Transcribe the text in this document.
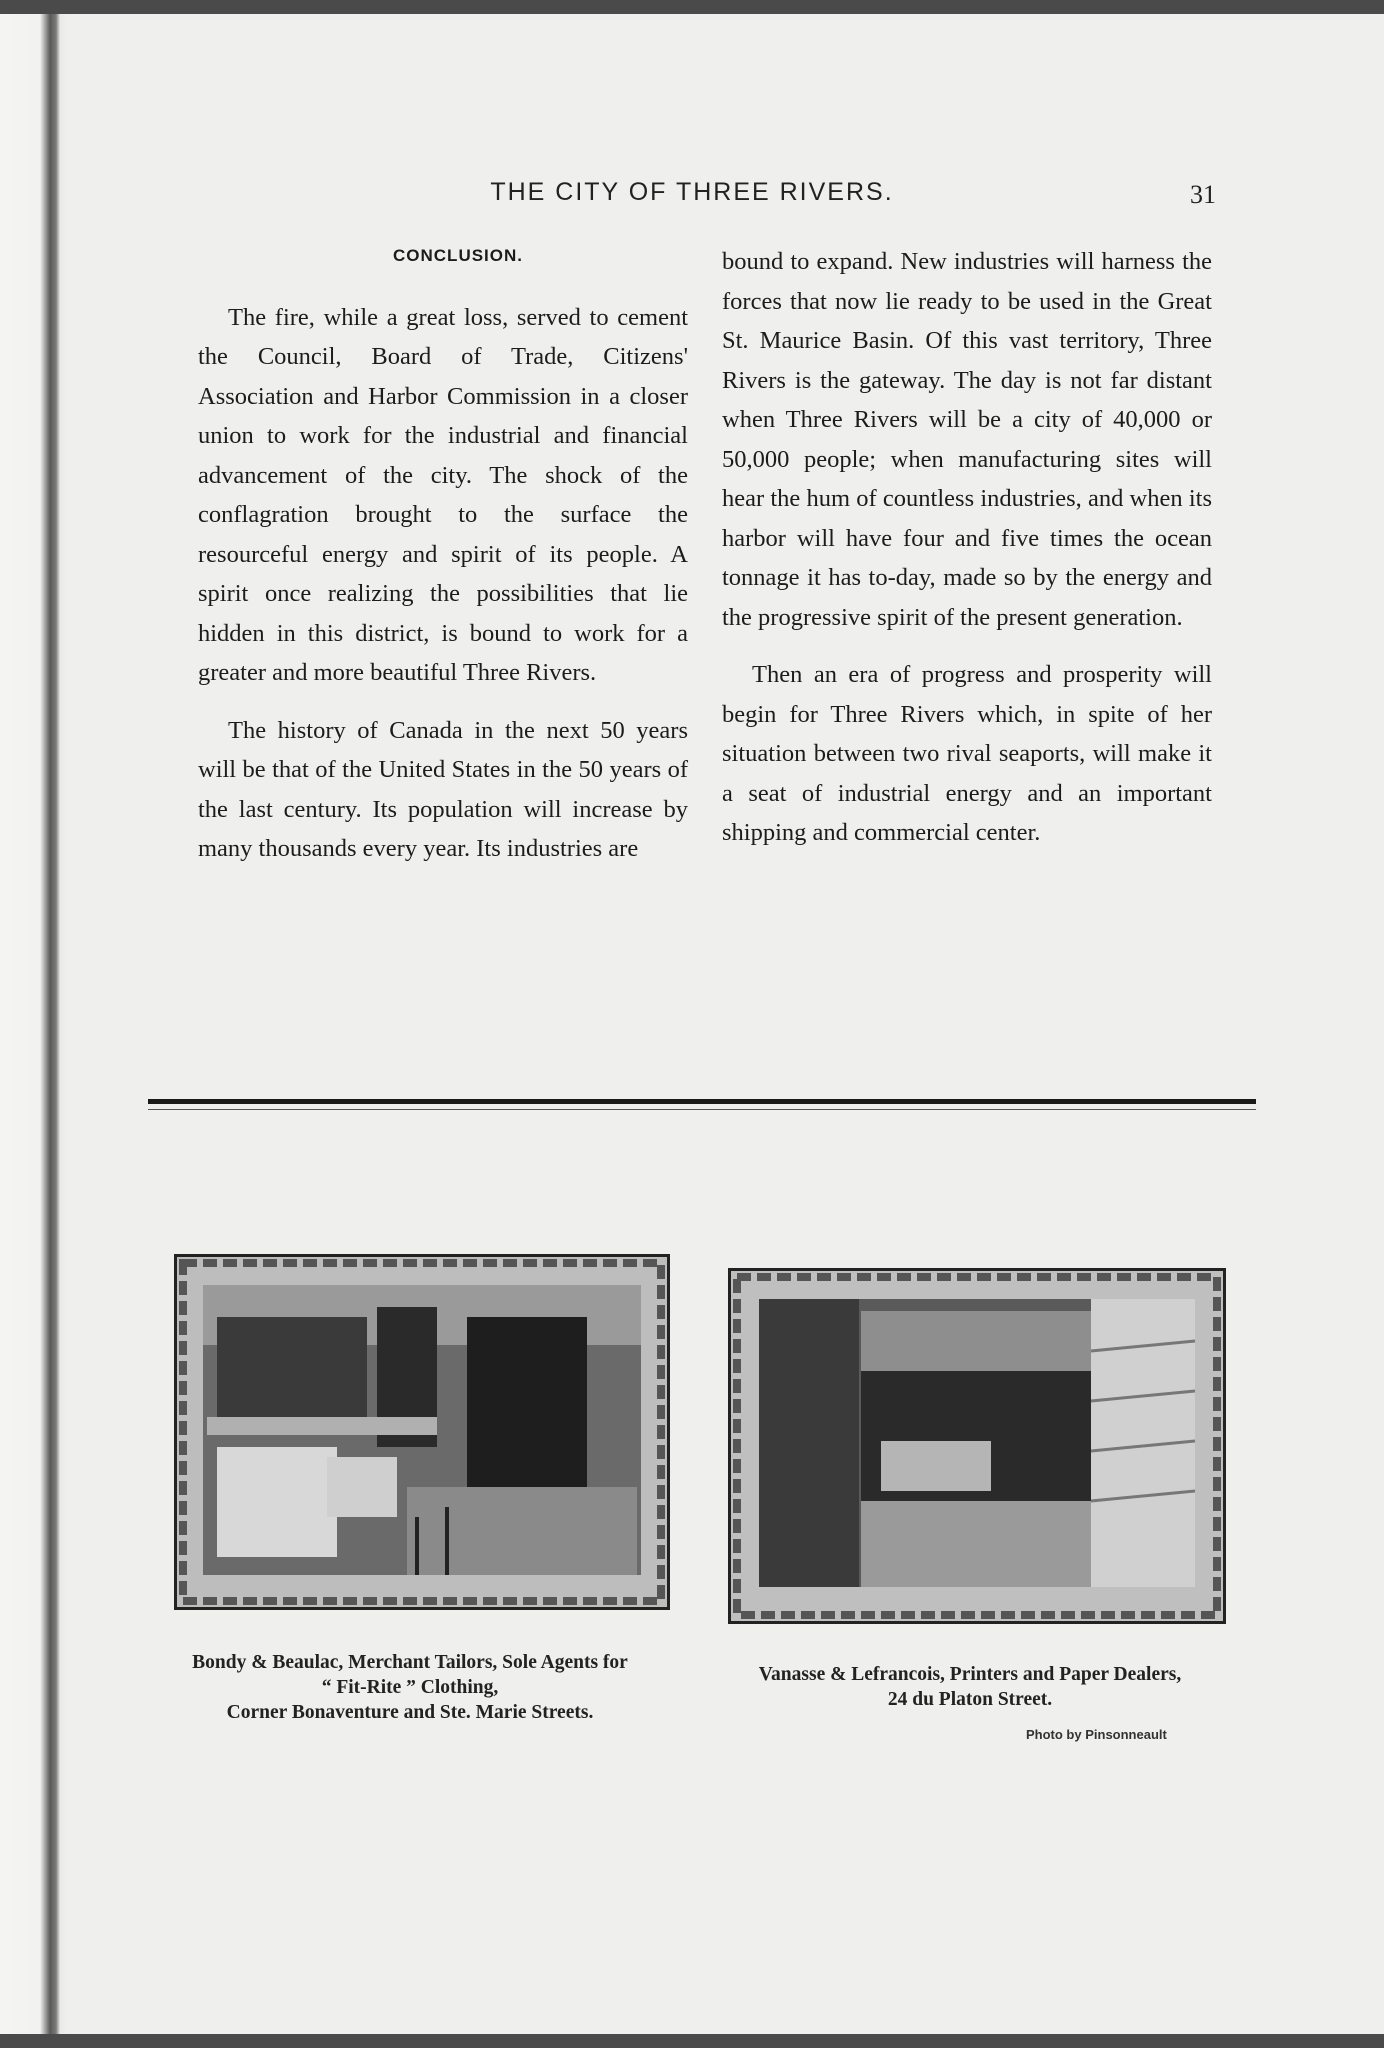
THE CITY OF THREE RIVERS.	31
CONCLUSION.

The fire, while a great loss, served to cement the Council, Board of Trade, Citizens' Association and Harbor Commission in a closer union to work for the industrial and financial advancement of the city. The shock of the conflagration brought to the surface the resourceful energy and spirit of its people. A spirit once realizing the possibilities that lie hidden in this district, is bound to work for a greater and more beautiful Three Rivers.

The history of Canada in the next 50 years will be that of the United States in the 50 years of the last century. Its population will increase by many thousands every year. Its industries are

bound to expand. New industries will harness the forces that now lie ready to be used in the Great St. Maurice Basin. Of this vast territory, Three Rivers is the gateway. The day is not far distant when Three Rivers will be a city of 40,000 or 50,000 people; when manufacturing sites will hear the hum of countless industries, and when its harbor will have four and five times the ocean tonnage it has to-day, made so by the energy and the progressive spirit of the present generation.

Then an era of progress and prosperity will begin for Three Rivers which, in spite of her situation between two rival seaports, will make it a seat of industrial energy and an important shipping and commercial center.

Bondy & Beaulac, Merchant Tailors, Sole Agents for
“ Fit-Rite ” Clothing,
Corner Bonaventure and Ste. Marie Streets.
Vanasse & Lefrancois, Printers and Paper Dealers,
24 du Platon Street.
Photo by Pinsonneault
